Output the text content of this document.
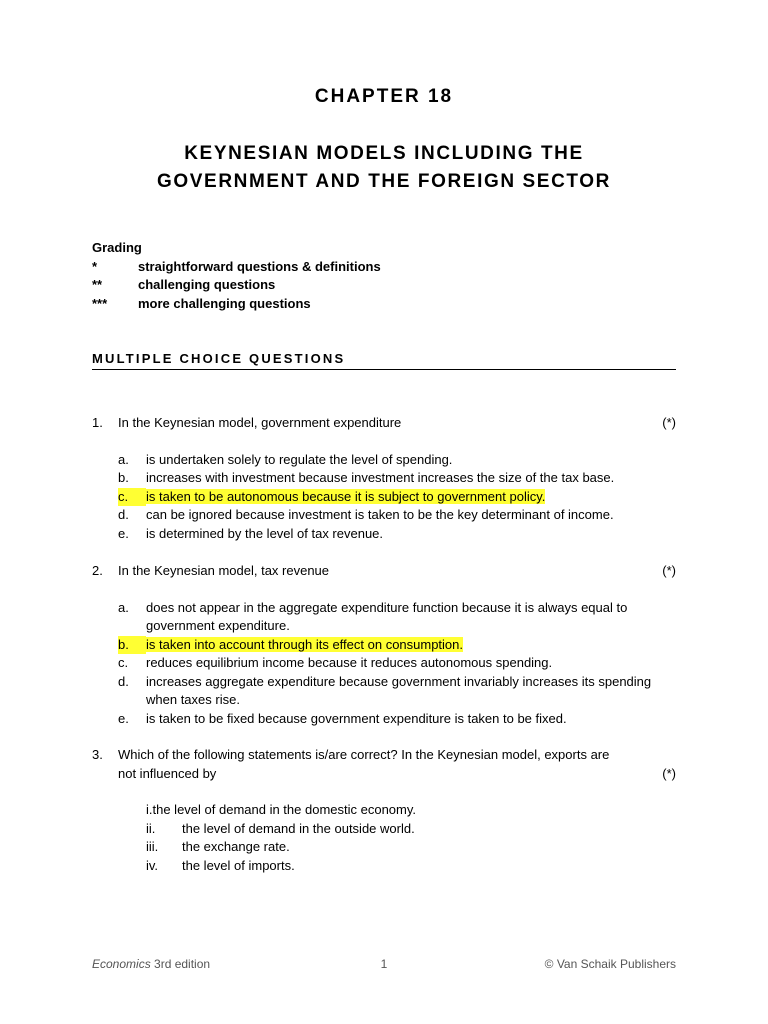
CHAPTER 18
KEYNESIAN MODELS INCLUDING THE
GOVERNMENT AND THE FOREIGN SECTOR
Grading
*	straightforward questions & definitions
**	challenging questions
***	more challenging questions
MULTIPLE CHOICE QUESTIONS
1.	In the Keynesian model, government expenditure	(*)
a.	is undertaken solely to regulate the level of spending.
b.	increases with investment because investment increases the size of the tax base.
c.	is taken to be autonomous because it is subject to government policy.
d.	can be ignored because investment is taken to be the key determinant of income.
e.	is determined by the level of tax revenue.
2.	In the Keynesian model, tax revenue	(*)
a.	does not appear in the aggregate expenditure function because it is always equal to government expenditure.
b.	is taken into account through its effect on consumption.
c.	reduces equilibrium income because it reduces autonomous spending.
d.	increases aggregate expenditure because government invariably increases its spending when taxes rise.
e.	is taken to be fixed because government expenditure is taken to be fixed.
3.	Which of the following statements is/are correct? In the Keynesian model, exports are
not influenced by	(*)
i. the level of demand in the domestic economy.
ii.	the level of demand in the outside world.
iii.	the exchange rate.
iv.	the level of imports.
Economics 3rd edition	1	© Van Schaik Publishers
